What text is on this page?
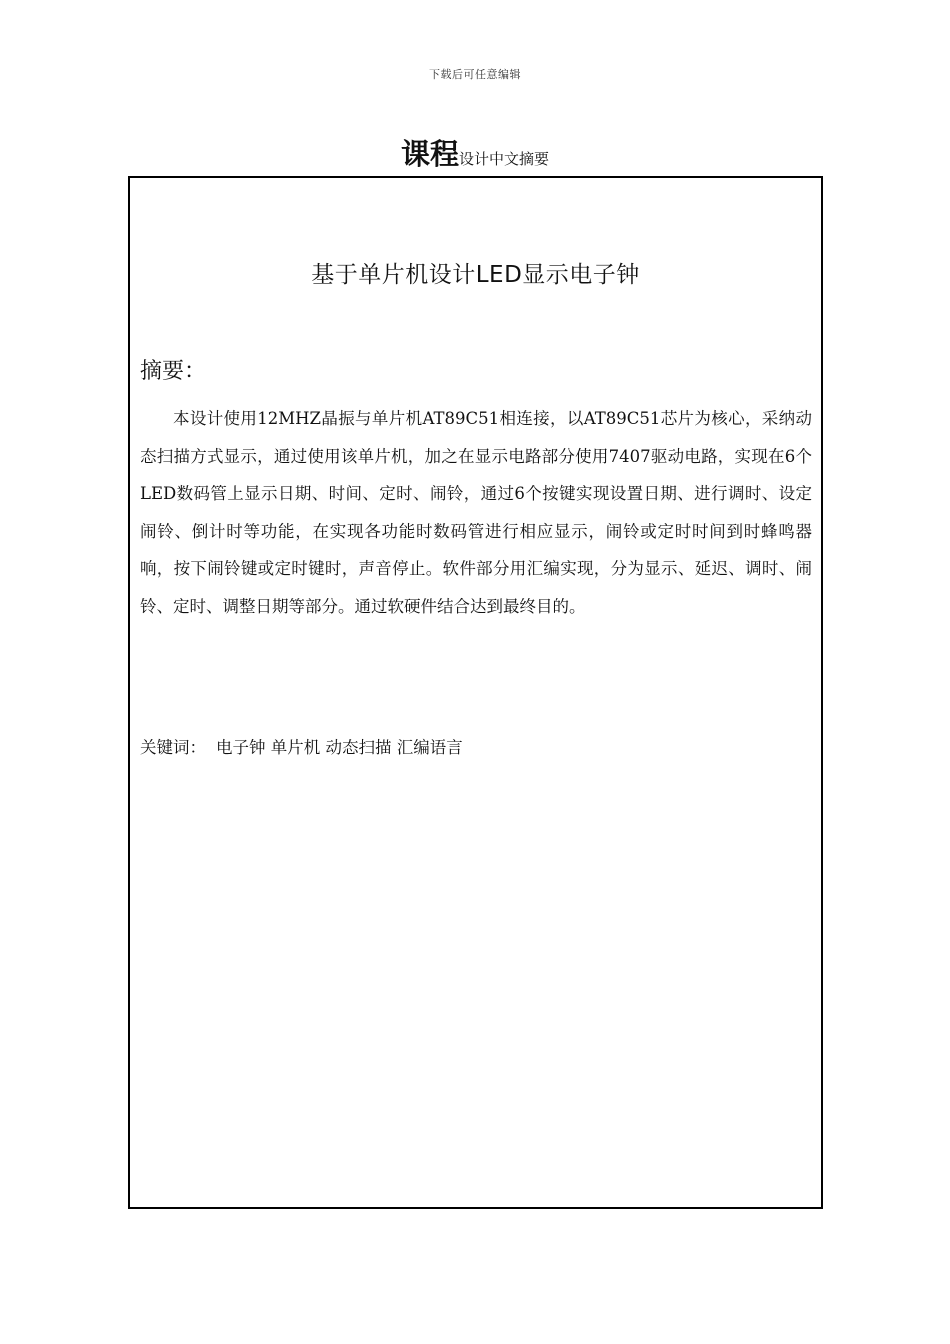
下载后可任意编辑
课程设计中文摘要
基于单片机设计LED显示电子钟
摘要：

本设计使用12MHZ晶振与单片机AT89C51相连接，以AT89C51芯片为核心，采纳动态扫描方式显示，通过使用该单片机，加之在显示电路部分使用7407驱动电路，实现在6个LED数码管上显示日期、时间、定时、闹铃，通过6个按键实现设置日期、进行调时、设定闹铃、倒计时等功能，在实现各功能时数码管进行相应显示，闹铃或定时时间到时蜂鸣器响，按下闹铃键或定时键时，声音停止。软件部分用汇编实现，分为显示、延迟、调时、闹铃、定时、调整日期等部分。通过软硬件结合达到最终目的。

关键词： 电子钟 单片机 动态扫描 汇编语言
